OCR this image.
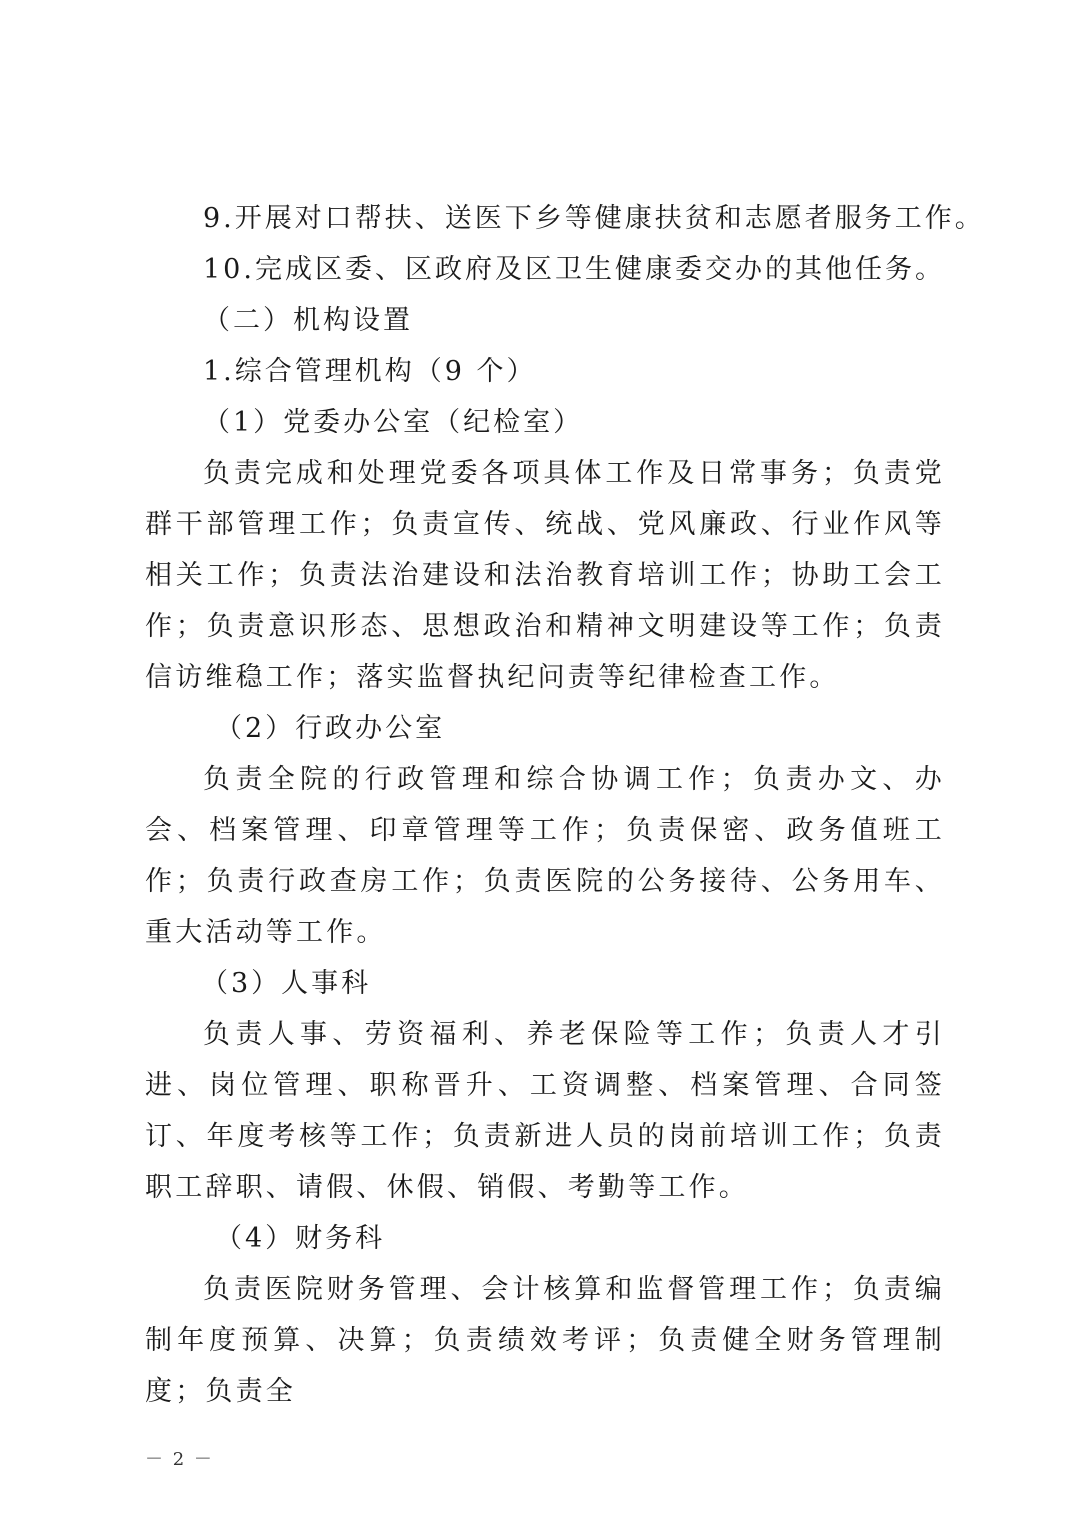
9.开展对口帮扶、送医下乡等健康扶贫和志愿者服务工作。
10.完成区委、区政府及区卫生健康委交办的其他任务。
（二）机构设置
1.综合管理机构（9 个）
（1）党委办公室（纪检室）

负责完成和处理党委各项具体工作及日常事务；负责党群干部管理工作；负责宣传、统战、党风廉政、行业作风等相关工作；负责法治建设和法治教育培训工作；协助工会工作；负责意识形态、思想政治和精神文明建设等工作；负责信访维稳工作；落实监督执纪问责等纪律检查工作。

（2）行政办公室

负责全院的行政管理和综合协调工作；负责办文、办会、档案管理、印章管理等工作；负责保密、政务值班工作；负责行政查房工作；负责医院的公务接待、公务用车、重大活动等工作。

（3）人事科

负责人事、劳资福利、养老保险等工作；负责人才引进、岗位管理、职称晋升、工资调整、档案管理、合同签订、年度考核等工作；负责新进人员的岗前培训工作；负责职工辞职、请假、休假、销假、考勤等工作。

（4）财务科

负责医院财务管理、会计核算和监督管理工作；负责编制年度预算、决算；负责绩效考评；负责健全财务管理制度；负责全

－ 2 －
